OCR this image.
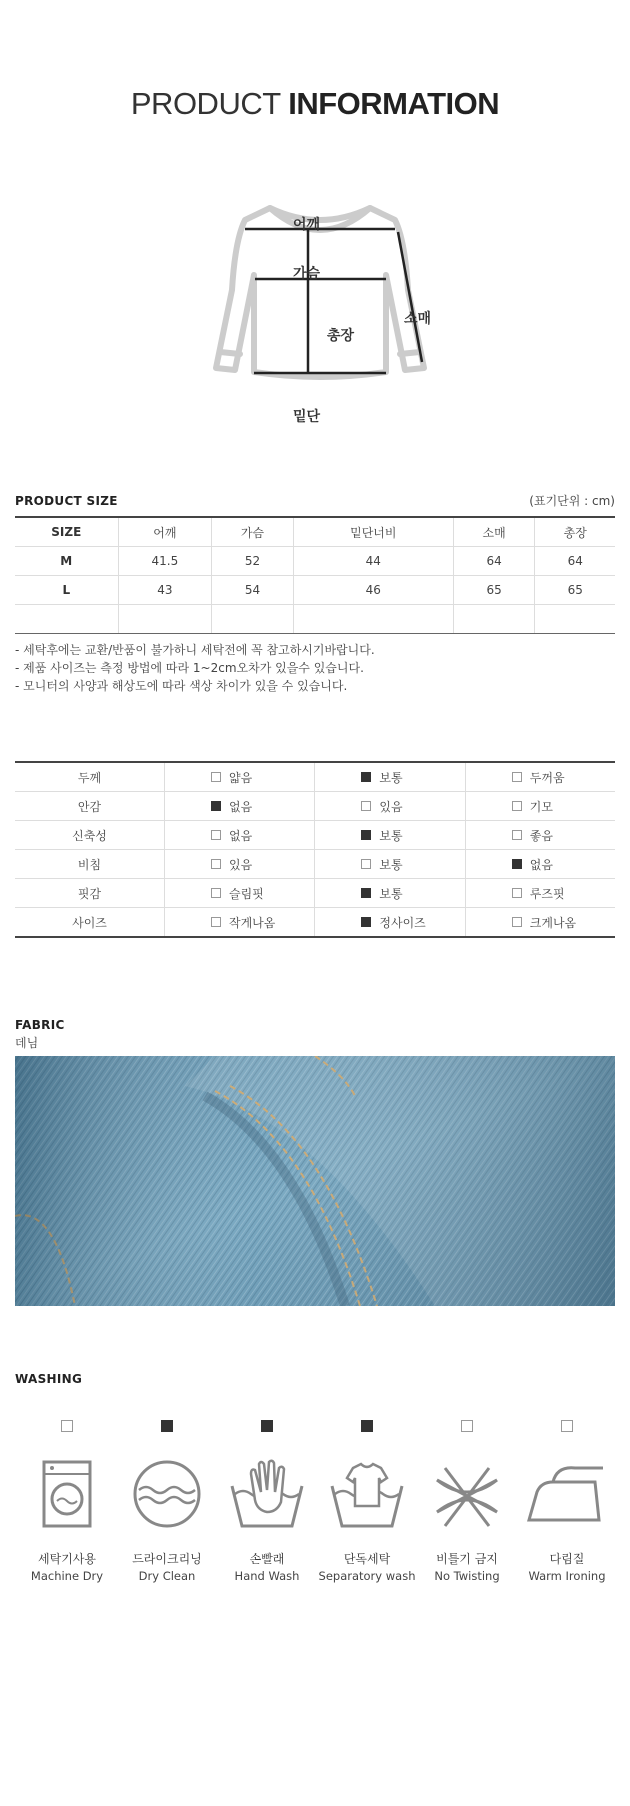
PRODUCT INFORMATION
어깨
가슴
총장
소매
밑단
PRODUCT SIZE	(표기단위 : cm)
SIZE	어깨	가슴	밑단너비	소매	총장
M	41.5	52	44	64	64
L	43	54	46	65	65

- 세탁후에는 교환/반품이 불가하니 세탁전에 꼭 참고하시기바랍니다.
- 제품 사이즈는 측정 방법에 따라 1~2cm오차가 있을수 있습니다.
- 모니터의 사양과 해상도에 따라 색상 차이가 있을 수 있습니다.
두께	얇음	보통	두꺼움

안감	없음	있음	기모

신축성	없음	보통	좋음

비침	있음	보통	없음

핏감	슬림핏	보통	루즈핏

사이즈	작게나옴	정사이즈	크게나옴
FABRIC
데님
WASHING
세탁기사용
Machine Dry
드라이크리닝
Dry Clean
손빨래
Hand Wash
단독세탁
Separatory wash
비틀기 금지
No Twisting
다림질
Warm Ironing
